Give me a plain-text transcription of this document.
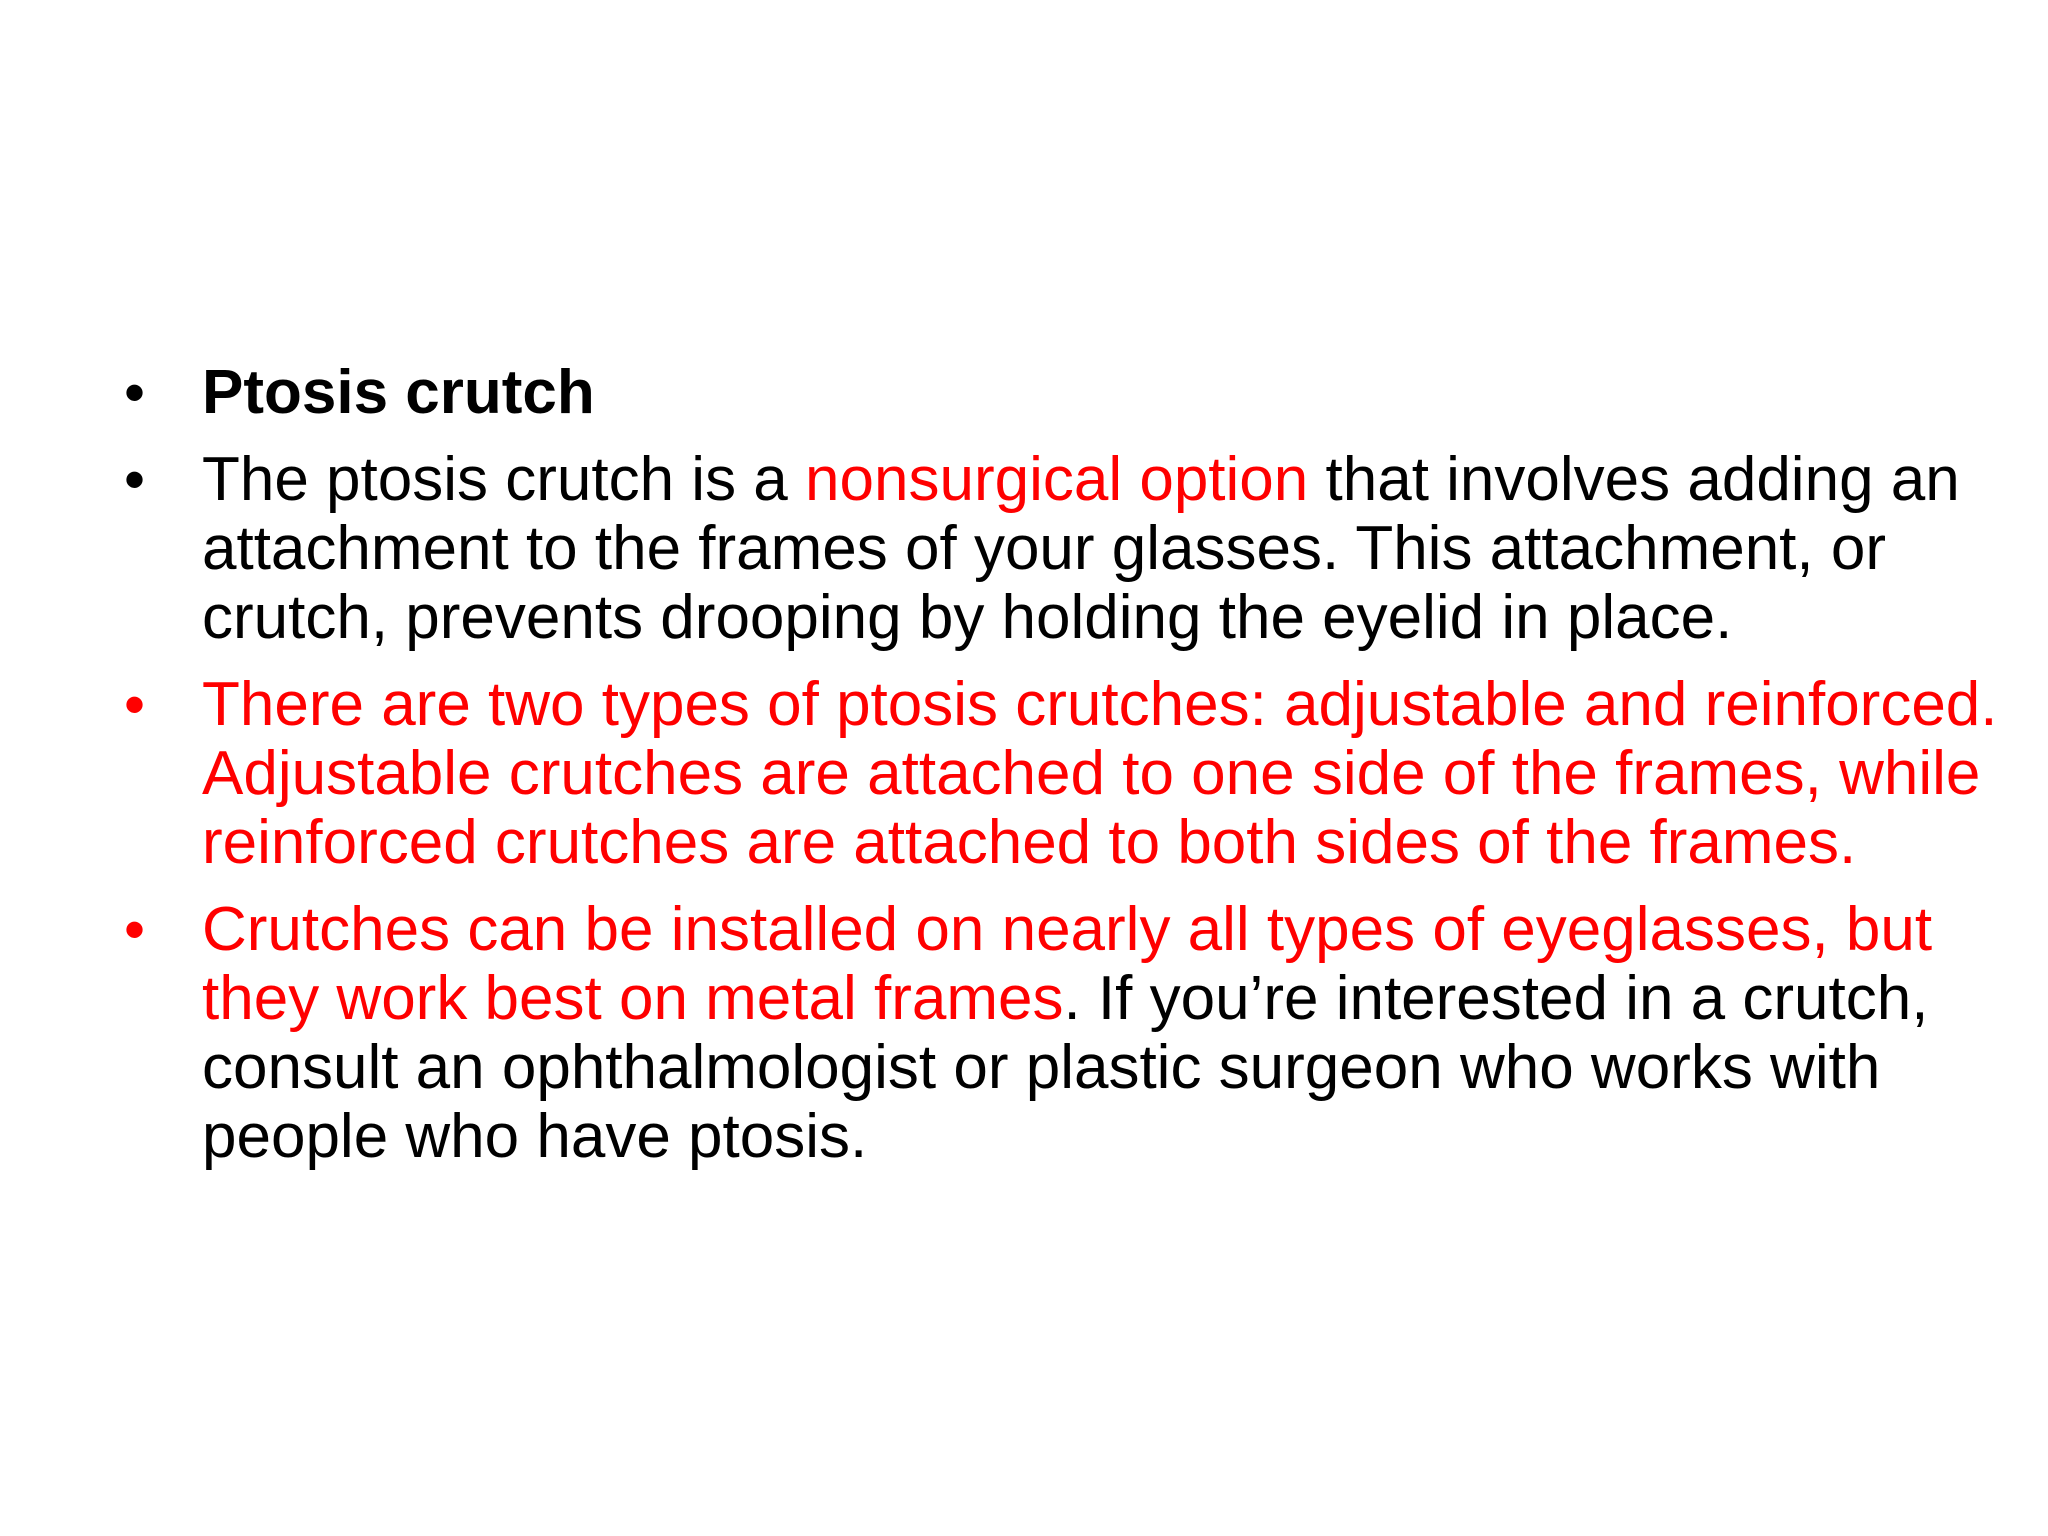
• Ptosis crutch
• The ptosis crutch is a nonsurgical option that involves adding an attachment to the frames of your glasses. This attachment, or crutch, prevents drooping by holding the eyelid in place.
• There are two types of ptosis crutches: adjustable and reinforced. Adjustable crutches are attached to one side of the frames, while reinforced crutches are attached to both sides of the frames.
• Crutches can be installed on nearly all types of eyeglasses, but they work best on metal frames. If you’re interested in a crutch, consult an ophthalmologist or plastic surgeon who works with people who have ptosis.
